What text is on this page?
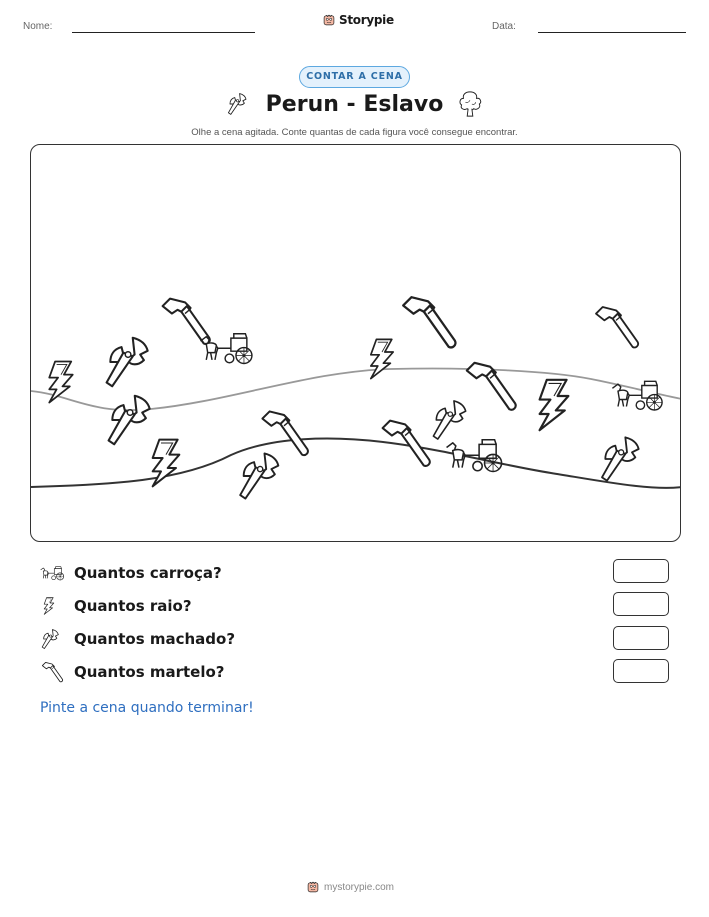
Nome:	Storypie	Data:
CONTAR A CENA
Perun - Eslavo
Olhe a cena agitada. Conte quantas de cada figura você consegue encontrar.
Quantos carroça?
Quantos raio?
Quantos machado?
Quantos martelo?
Pinte a cena quando terminar!
mystorypie.com
